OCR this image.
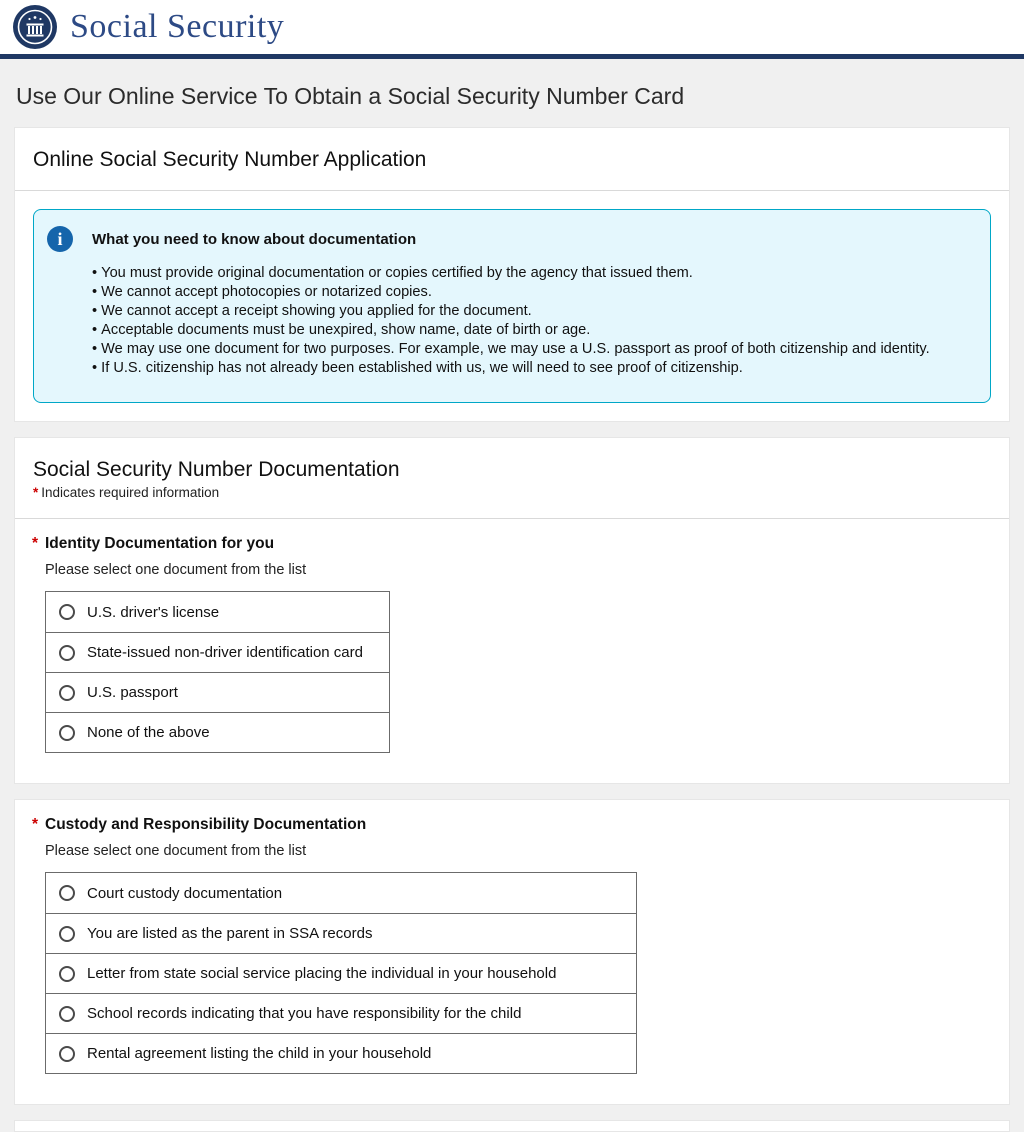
Social Security
Use Our Online Service To Obtain a Social Security Number Card
Online Social Security Number Application
i	What you need to know about documentation
• You must provide original documentation or copies certified by the agency that issued them.
• We cannot accept photocopies or notarized copies.
• We cannot accept a receipt showing you applied for the document.
• Acceptable documents must be unexpired, show name, date of birth or age.
• We may use one document for two purposes. For example, we may use a U.S. passport as proof of both citizenship and identity.
• If U.S. citizenship has not already been established with us, we will need to see proof of citizenship.
Social Security Number Documentation

* Indicates required information

* Identity Documentation for you

Please select one document from the list

U.S. driver's license
State-issued non-driver identification card
U.S. passport
None of the above
* Custody and Responsibility Documentation

Please select one document from the list

Court custody documentation
You are listed as the parent in SSA records
Letter from state social service placing the individual in your household
School records indicating that you have responsibility for the child
Rental agreement listing the child in your household
